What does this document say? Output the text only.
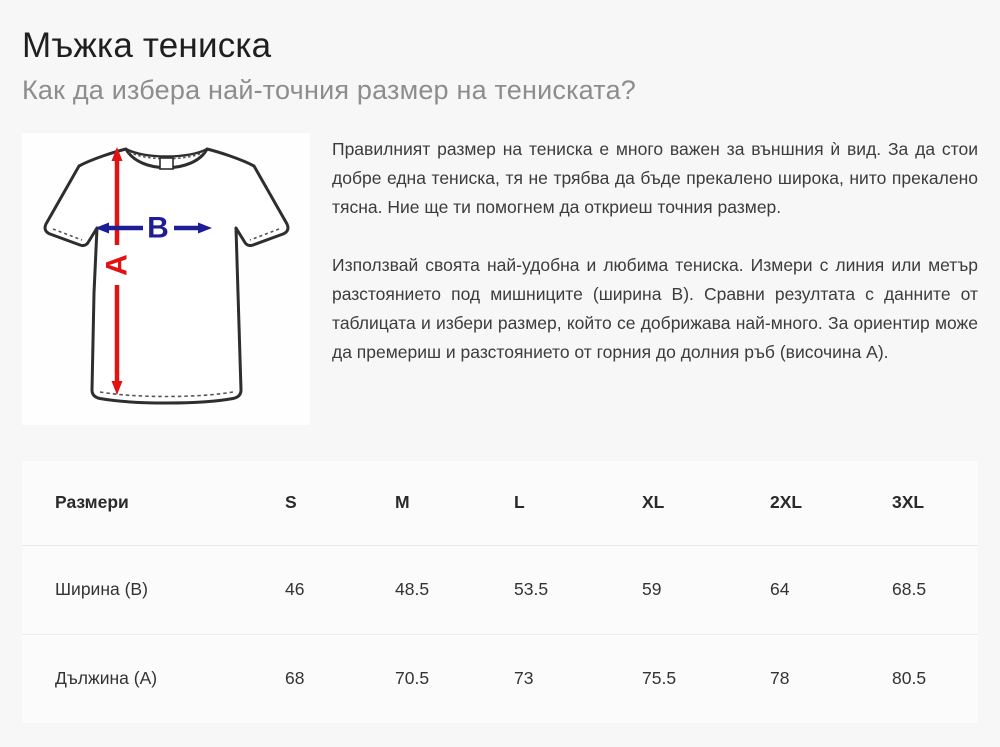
Мъжка тениска
Как да избера най-точния размер на тениската?
A
B

Правилният размер на тениска е много важен за външния ѝ вид. За да стои добре една тениска, тя не трябва да бъде прекалено широка, нито прекалено тясна. Ние ще ти помогнем да откриеш точния размер.

Използвай своята най-удобна и любима тениска. Измери с линия или метър разстоянието под мишниците (ширина B). Сравни резултата с данните от таблицата и избери размер, който се добрижава най-много. За ориентир може да премериш и разстоянието от горния до долния ръб (височина A).

Размери	S	M	L	XL	2XL	3XL
Ширина (B)	46	48.5	53.5	59	64	68.5
Дължина (A)	68	70.5	73	75.5	78	80.5
